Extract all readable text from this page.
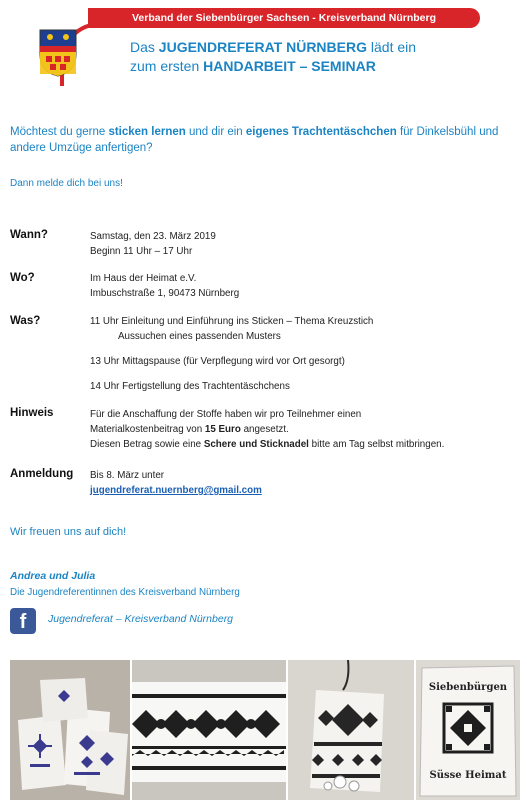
Verband der Siebenbürger Sachsen - Kreisverband Nürnberg
Das JUGENDREFERAT NÜRNBERG lädt ein
zum ersten HANDARBEIT – SEMINAR
Möchtest du gerne sticken lernen und dir ein eigenes Trachtentäschchen für Dinkelsbühl und andere Umzüge anfertigen?
Dann melde dich bei uns!
Wann?	Samstag, den 23. März 2019
Beginn 11 Uhr – 17 Uhr
Wo?	Im Haus der Heimat e.V.
Imbuschstraße 1, 90473 Nürnberg
Was?	11 Uhr Einleitung und Einführung ins Sticken – Thema Kreuzstich
Aussuchen eines passenden Musters
13 Uhr Mittagspause (für Verpflegung wird vor Ort gesorgt)
14 Uhr Fertigstellung des Trachtentäschchens
Hinweis	Für die Anschaffung der Stoffe haben wir pro Teilnehmer einen
Materialkostenbeitrag von 15 Euro angesetzt.
Diesen Betrag sowie eine Schere und Sticknadel bitte am Tag selbst mitbringen.
Anmeldung Bis 8. März unter
jugendreferat.nuernberg@gmail.com
Wir freuen uns auf dich!
Andrea und Julia
Die Jugendreferentinnen des Kreisverband Nürnberg
f	Jugendreferat – Kreisverband Nürnberg
Siebenbürgen
Süsse Heimat
